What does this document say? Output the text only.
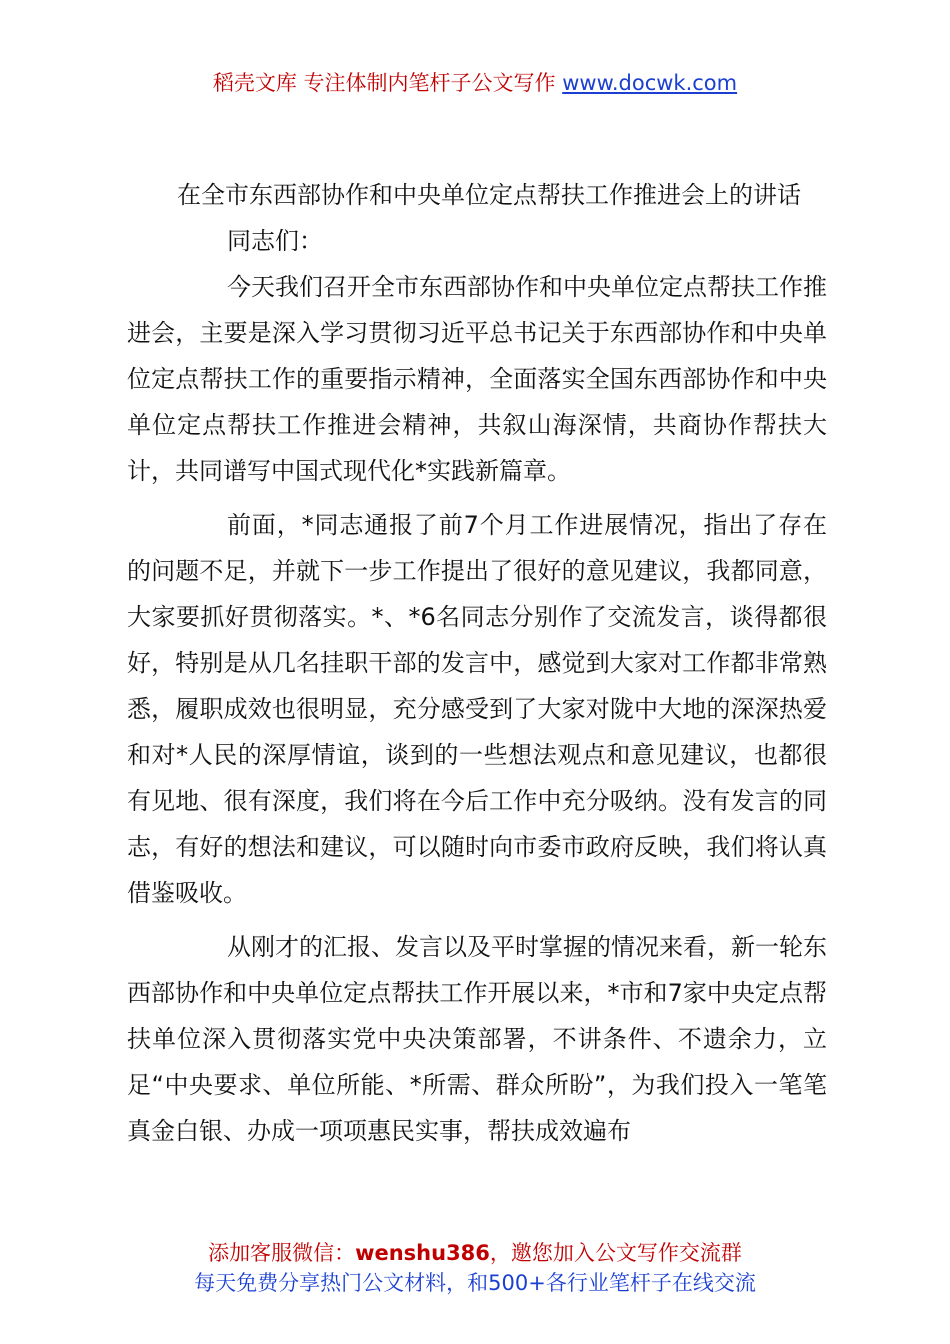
稻壳文库 专注体制内笔杆子公文写作 www.docwk.com

在全市东西部协作和中央单位定点帮扶工作推进会上的讲话

同志们：

今天我们召开全市东西部协作和中央单位定点帮扶工作推进会，主要是深入学习贯彻习近平总书记关于东西部协作和中央单位定点帮扶工作的重要指示精神，全面落实全国东西部协作和中央单位定点帮扶工作推进会精神，共叙山海深情，共商协作帮扶大计，共同谱写中国式现代化*实践新篇章。

前面，*同志通报了前7个月工作进展情况，指出了存在的问题不足，并就下一步工作提出了很好的意见建议，我都同意，大家要抓好贯彻落实。*、*6名同志分别作了交流发言，谈得都很好，特别是从几名挂职干部的发言中，感觉到大家对工作都非常熟悉，履职成效也很明显，充分感受到了大家对陇中大地的深深热爱和对*人民的深厚情谊，谈到的一些想法观点和意见建议，也都很有见地、很有深度，我们将在今后工作中充分吸纳。没有发言的同志，有好的想法和建议，可以随时向市委市政府反映，我们将认真借鉴吸收。

从刚才的汇报、发言以及平时掌握的情况来看，新一轮东西部协作和中央单位定点帮扶工作开展以来，*市和7家中央定点帮扶单位深入贯彻落实党中央决策部署，不讲条件、不遗余力，立足“中央要求、单位所能、*所需、群众所盼”，为我们投入一笔笔真金白银、办成一项项惠民实事，帮扶成效遍布

添加客服微信：wenshu386，邀您加入公文写作交流群
每天免费分享热门公文材料，和500+各行业笔杆子在线交流
